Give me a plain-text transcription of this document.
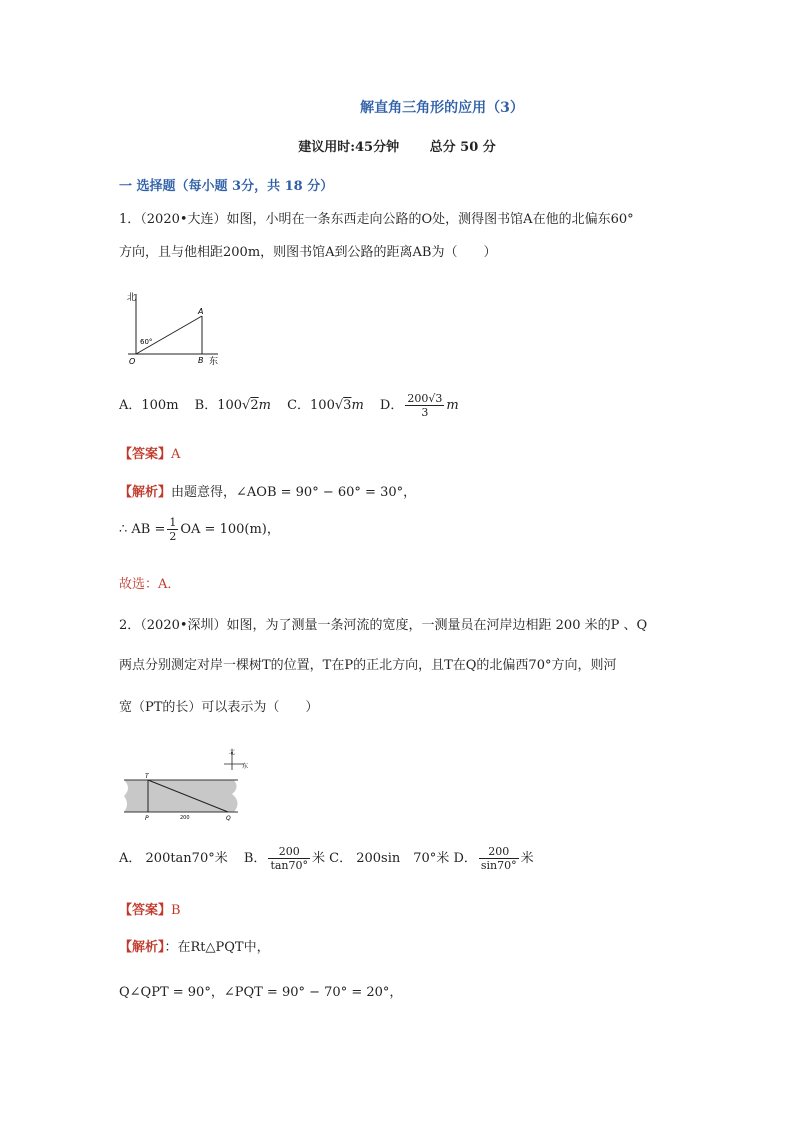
解直角三角形的应用（3）
建议用时:45分钟 总分 50 分
一 选择题（每小题 3分，共 18 分）
1．（2020•大连）如图，小明在一条东西走向公路的O处，测得图书馆A在他的北偏东60°
方向，且与他相距200m，则图书馆A到公路的距离AB为（　　）
北
东
60°
O
A
B
A．100m B．100√2m C．100√3m D． $\frac{200√3}{3}$ m
【答案】A
【解析】由题意得，∠AOB = 90° − 60° = 30°，
∴ AB = $\frac{1}{2}$ OA = 100(m)，
故选：A．
2．（2020•深圳）如图，为了测量一条河流的宽度，一测量员在河岸边相距 200 米的P 、Q
两点分别测定对岸一棵树T的位置，T在P的正北方向，且T在Q的北偏西70°方向，则河
宽（PT的长）可以表示为（　　）
北
东
T
P	Q
200
A． 200tan70°米 B． $\frac{200}{\tan 70^\circ}$ 米 C． 200sin　70°米 D． $\frac{200}{\sin 70^\circ}$ 米
【答案】B
【解析】：在Rt△PQT中，
Q∠QPT = 90°，∠PQT = 90° − 70° = 20°，
